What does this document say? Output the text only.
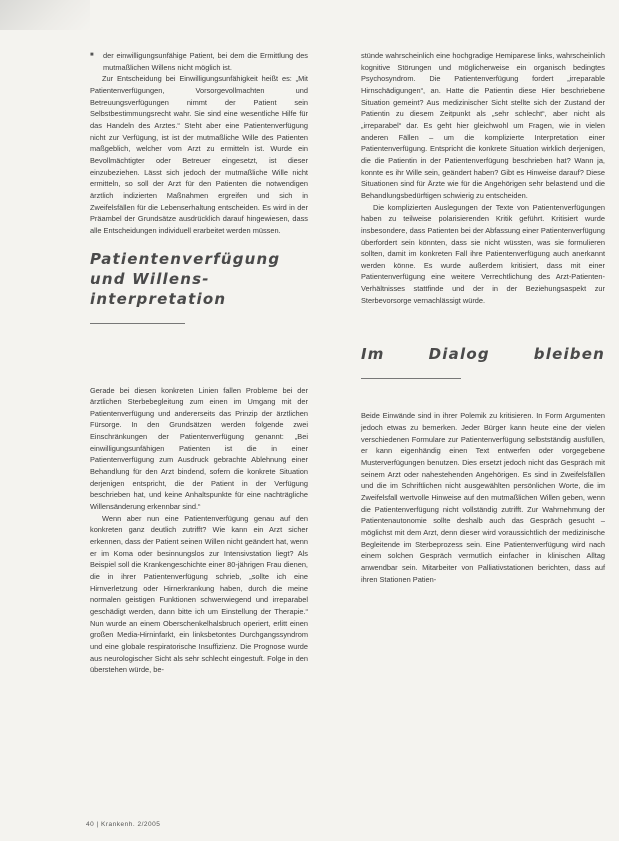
■ der einwilligungsunfähige Patient, bei dem die Ermittlung des mutmaßlichen Willens nicht möglich ist.

Zur Entscheidung bei Einwilligungsunfähigkeit heißt es: „Mit Patientenverfügungen, Vorsorgevollmachten und Betreuungsverfügungen nimmt der Patient sein Selbstbestimmungsrecht wahr. Sie sind eine wesentliche Hilfe für das Handeln des Arztes.“ Steht aber eine Patientenverfügung nicht zur Verfügung, ist ist der mutmaßliche Wille des Patienten maßgeblich, welcher vom Arzt zu ermitteln ist. Wurde ein Bevollmächtigter oder Betreuer eingesetzt, ist dieser einzubeziehen. Lässt sich jedoch der mutmaßliche Wille nicht ermitteln, so soll der Arzt für den Patienten die notwendigen ärztlich indizierten Maßnahmen ergreifen und sich in Zweifelsfällen für die Lebenserhaltung entscheiden. Es wird in der Präambel der Grundsätze ausdrücklich darauf hingewiesen, dass alle Entscheidungen individuell erarbeitet werden müssen.

Patientenverfügung und Willens-
interpretation

Gerade bei diesen konkreten Linien fallen Probleme bei der ärztlichen Sterbebegleitung zum einen im Umgang mit der Patientenverfügung und andererseits das Prinzip der ärztlichen Fürsorge. In den Grundsätzen werden folgende zwei Einschränkungen der Patientenverfügung genannt: „Bei einwilligungsunfähigen Patienten ist die in einer Patientenverfügung zum Ausdruck gebrachte Ablehnung einer Behandlung für den Arzt bindend, sofern die konkrete Situation derjenigen entspricht, die der Patient in der Verfügung beschrieben hat, und keine Anhaltspunkte für eine nachträgliche Willensänderung erkennbar sind.“

Wenn aber nun eine Patientenverfügung genau auf den konkreten ganz deutlich zutrifft? Wie kann ein Arzt sicher erkennen, dass der Patient seinen Willen nicht geändert hat, wenn er im Koma oder besinnungslos zur Intensivstation liegt? Als Beispiel soll die Krankengeschichte einer 80-jährigen Frau dienen, die in ihrer Patientenverfügung schrieb, „sollte ich eine Hirnverletzung oder Hirnerkrankung haben, durch die meine normalen geistigen Funktionen schwerwiegend und irreparabel geschädigt werden, dann bitte ich um Einstellung der Therapie.“ Nun wurde an einem Oberschenkelhalsbruch operiert, erlitt einen großen Media-Hirninfarkt, ein linksbetontes Durchgangssyndrom und eine globale respiratorische Insuffizienz. Die Prognose wurde aus neurologischer Sicht als sehr schlecht eingestuft. Folge in den überstehen würde, be-

stünde wahrscheinlich eine hochgradige Hemiparese links, wahrscheinlich kognitive Störungen und möglicherweise ein organisch bedingtes Psychosyndrom. Die Patientenverfügung fordert „irreparable Hirnschädigungen“, an. Hatte die Patientin diese Hier beschriebene Situation gemeint? Aus medizinischer Sicht stellte sich der Zustand der Patientin zu diesem Zeitpunkt als „sehr schlecht“, aber nicht als „irreparabel“ dar. Es geht hier gleichwohl um Fragen, wie in vielen anderen Fällen – um die komplizierte Interpretation einer Patientenverfügung. Entspricht die konkrete Situation wirklich derjenigen, die die Patientin in der Patientenverfügung beschrieben hat? Wann ja, konnte es ihr Wille sein, geändert haben? Gibt es Hinweise darauf? Diese Situationen sind für Ärzte wie für die Angehörigen sehr belastend und die Behandlungsbedürftigen schwierig zu entscheiden.

Die komplizierten Auslegungen der Texte von Patientenverfügungen haben zu teilweise polarisierenden Kritik geführt. Kritisiert wurde insbesondere, dass Patienten bei der Abfassung einer Patientenverfügung überfordert sein könnten, dass sie nicht wüssten, was sie formulieren sollten, damit im konkreten Fall ihre Patientenverfügung auch anerkannt werden könne. Es wurde außerdem kritisiert, dass mit einer Patientenverfügung eine weitere Verrechtlichung des Arzt-Patienten-Verhältnisses stattfinde und der in der Beziehungsaspekt zur Sterbevorsorge vernachlässigt würde.

Im Dialog bleiben

Beide Einwände sind in ihrer Polemik zu kritisieren. In Form Argumenten jedoch etwas zu bemerken. Jeder Bürger kann heute eine der vielen verschiedenen Formulare zur Patientenverfügung selbstständig ausfüllen, er kann eigenhändig einen Text entwerfen oder vorgegebene Musterverfügungen benutzen. Dies ersetzt jedoch nicht das Gespräch mit seinem Arzt oder nahestehenden Angehörigen. Es sind in Zweifelsfällen und die im Schriftlichen nicht ausgewählten persönlichen Worte, die im Zweifelsfall wertvolle Hinweise auf den mutmaßlichen Willen geben, wenn die Patientenverfügung nicht vollständig zutrifft. Zur Wahrnehmung der Patientenautonomie sollte deshalb auch das Gespräch gesucht – möglichst mit dem Arzt, denn dieser wird voraussichtlich der medizinische Begleitende im Sterbeprozess sein. Eine Patientenverfügung wird nach einem solchen Gespräch vermutlich einfacher in klinischen Alltag anwendbar sein. Mitarbeiter von Palliativstationen berichten, dass auf ihren Stationen Patien-

40 | Krankenh. 2/2005
